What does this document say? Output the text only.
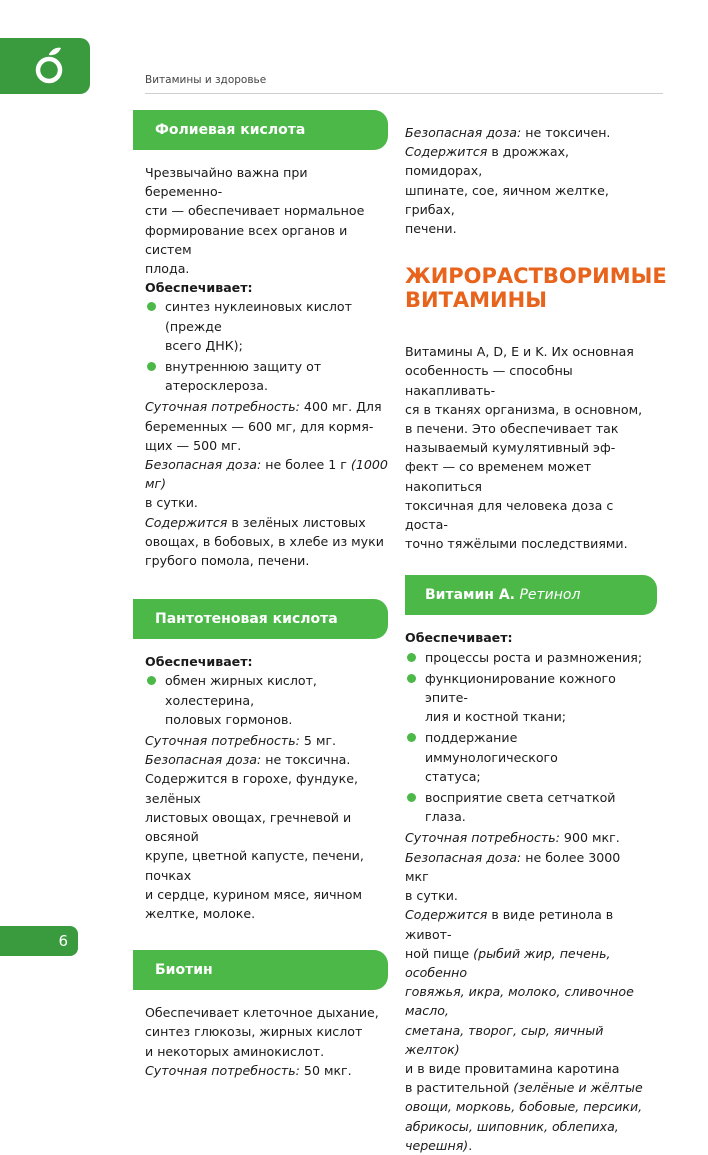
Витамины и здоровье
Фолиевая кислота

Чрезвычайно важна при беременно-

сти — обеспечивает нормальное

формирование всех органов и систем

плода.

Обеспечивает:

синтез нуклеиновых кислот (прежде
всего ДНК);
внутреннюю защиту от атеросклероза.

Суточная потребность: 400 мг. Для

беременных — 600 мг, для кормя-

щих — 500 мг.

Безопасная доза: не более 1 г (1000 мг)

в сутки.

Содержится в зелёных листовых

овощах, в бобовых, в хлебе из муки

грубого помола, печени.

Пантотеновая кислота

Обеспечивает:

обмен жирных кислот, холестерина,
половых гормонов.

Суточная потребность: 5 мг.

Безопасная доза: не токсична.

Содержится в горохе, фундуке, зелёных

листовых овощах, гречневой и овсяной

крупе, цветной капусте, печени, почках

и сердце, курином мясе, яичном

желтке, молоке.

Биотин

Обеспечивает клеточное дыхание,

синтез глюкозы, жирных кислот

и некоторых аминокислот.

Суточная потребность: 50 мкг.

Безопасная доза: не токсичен.

Содержится в дрожжах, помидорах,

шпинате, сое, яичном желтке, грибах,

печени.

ЖИРОРАСТВОРИМЫЕ
ВИТАМИНЫ

Витамины A, D, E и K. Их основная

особенность — способны накапливать-

ся в тканях организма, в основном,

в печени. Это обеспечивает так

называемый кумулятивный эф-

фект — со временем может накопиться

токсичная для человека доза с доста-

точно тяжёлыми последствиями.

Витамин А. Ретинол

Обеспечивает:

процессы роста и размножения;
функционирование кожного эпите-
лия и костной ткани;
поддержание иммунологического
статуса;
восприятие света сетчаткой глаза.

Суточная потребность: 900 мкг.

Безопасная доза: не более 3000 мкг

в сутки.

Содержится в виде ретинола в живот-

ной пище (рыбий жир, печень, особенно

говяжья, икра, молоко, сливочное масло,

сметана, творог, сыр, яичный желток)

и в виде провитамина каротина

в растительной (зелёные и жёлтые

овощи, морковь, бобовые, персики,

абрикосы, шиповник, облепиха,

черешня).

6
